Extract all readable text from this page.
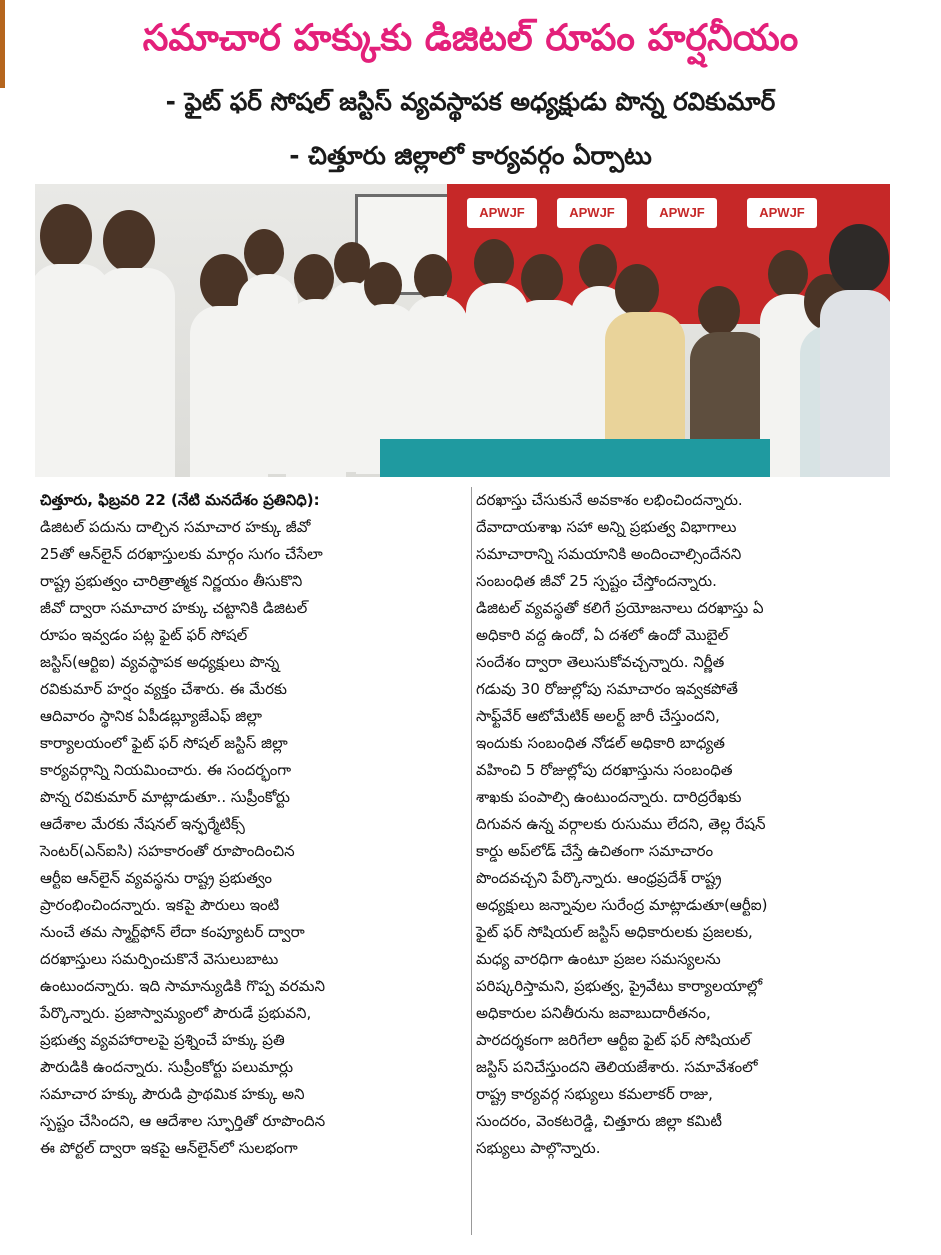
సమాచార హక్కుకు డిజిటల్ రూపం హర్షనీయం
- ఫైట్ ఫర్ సోషల్ జస్టిస్ వ్యవస్థాపక అధ్యక్షుడు పొన్న రవికుమార్
- చిత్తూరు జిల్లాలో కార్యవర్గం ఏర్పాటు
APWJF	APWJF	APWJF	APWJF
చిత్తూరు, ఫిబ్రవరి 22 (నేటి మనదేశం ప్రతినిధి):
డిజిటల్ పదును దాల్చిన సమాచార హక్కు జీవో
25తో ఆన్‌లైన్ దరఖాస్తులకు మార్గం సుగం చేసేలా
రాష్ట్ర ప్రభుత్వం చారిత్రాత్మక నిర్ణయం తీసుకొని
జీవో ద్వారా సమాచార హక్కు చట్టానికి డిజిటల్
రూపం ఇవ్వడం పట్ల ఫైట్ ఫర్ సోషల్
జస్టిస్(ఆర్టిఐ) వ్యవస్థాపక అధ్యక్షులు పొన్న
రవికుమార్ హర్షం వ్యక్తం చేశారు. ఈ మేరకు
ఆదివారం స్థానిక ఏపీడబ్ల్యూజేఎఫ్ జిల్లా
కార్యాలయంలో ఫైట్ ఫర్ సోషల్ జస్టిస్ జిల్లా
కార్యవర్గాన్ని నియమించారు. ఈ సందర్భంగా
పొన్న రవికుమార్ మాట్లాడుతూ.. సుప్రీంకోర్టు
ఆదేశాల మేరకు నేషనల్ ఇన్ఫర్మేటిక్స్
సెంటర్(ఎన్ఐసి) సహకారంతో రూపొందించిన
ఆర్టీఐ ఆన్‌లైన్ వ్యవస్థను రాష్ట్ర ప్రభుత్వం
ప్రారంభించిందన్నారు. ఇకపై పౌరులు ఇంటి
నుంచే తమ స్మార్ట్‌ఫోన్ లేదా కంప్యూటర్ ద్వారా
దరఖాస్తులు సమర్పించుకొనే వెసులుబాటు
ఉంటుందన్నారు. ఇది సామాన్యుడికి గొప్ప వరమని
పేర్కొన్నారు. ప్రజాస్వామ్యంలో పౌరుడే ప్రభువని,
ప్రభుత్వ వ్యవహారాలపై ప్రశ్నించే హక్కు ప్రతి
పౌరుడికి ఉందన్నారు. సుప్రీంకోర్టు పలుమార్లు
సమాచార హక్కు పౌరుడి ప్రాథమిక హక్కు అని
స్పష్టం చేసిందని, ఆ ఆదేశాల స్ఫూర్తితో రూపొందిన
ఈ పోర్టల్ ద్వారా ఇకపై ఆన్‌లైన్‌లో సులభంగా
దరఖాస్తు చేసుకునే అవకాశం లభించిందన్నారు.
దేవాదాయశాఖ సహా అన్ని ప్రభుత్వ విభాగాలు
సమాచారాన్ని సమయానికి అందించాల్సిందేనని
సంబంధిత జీవో 25 స్పష్టం చేస్తోందన్నారు.
డిజిటల్ వ్యవస్థతో కలిగే ప్రయోజనాలు దరఖాస్తు ఏ
అధికారి వద్ద ఉందో, ఏ దశలో ఉందో మొబైల్
సందేశం ద్వారా తెలుసుకోవచ్చన్నారు. నిర్ణీత
గడువు 30 రోజుల్లోపు సమాచారం ఇవ్వకపోతే
సాఫ్ట్‌వేర్ ఆటోమేటిక్ అలర్ట్ జారీ చేస్తుందని,
ఇందుకు సంబంధిత నోడల్ అధికారి బాధ్యత
వహించి 5 రోజుల్లోపు దరఖాస్తును సంబంధిత
శాఖకు పంపాల్సి ఉంటుందన్నారు. దారిద్రరేఖకు
దిగువన ఉన్న వర్గాలకు రుసుము లేదని, తెల్ల రేషన్
కార్డు అప్‌లోడ్ చేస్తే ఉచితంగా సమాచారం
పొందవచ్చని పేర్కొన్నారు. ఆంధ్రప్రదేశ్ రాష్ట్ర
అధ్యక్షులు జన్నావుల సురేంద్ర మాట్లాడుతూ(ఆర్టీఐ)
ఫైట్ ఫర్ సోషియల్ జస్టిస్ అధికారులకు ప్రజలకు,
మధ్య వారధిగా ఉంటూ ప్రజల సమస్యలను
పరిష్కరిస్తామని, ప్రభుత్వ, ప్రైవేటు కార్యాలయాల్లో
అధికారుల పనితీరును జవాబుదారీతనం,
పారదర్శకంగా జరిగేలా ఆర్టీఐ ఫైట్ ఫర్ సోషియల్
జస్టిస్ పనిచేస్తుందని తెలియజేశారు. సమావేశంలో
రాష్ట్ర కార్యవర్గ సభ్యులు కమలాకర్ రాజు,
సుందరం, వెంకటరెడ్డి, చిత్తూరు జిల్లా కమిటీ
సభ్యులు పాల్గొన్నారు.
